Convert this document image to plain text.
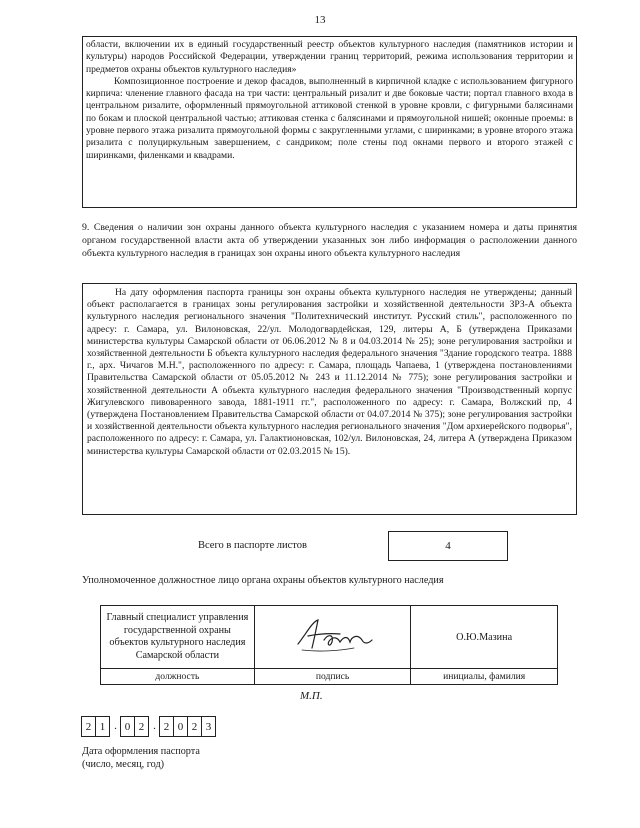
13

области, включении их в единый государственный реестр объектов культурного наследия (памятников истории и культуры) народов Российской Федерации, утверждении границ территорий, режима использования территории и предметов охраны объектов культурного наследия»

Композиционное построение и декор фасадов, выполненный в кирпичной кладке с использованием фигурного кирпича: членение главного фасада на три части: центральный ризалит и две боковые части; портал главного входа в центральном ризалите, оформленный прямоугольной аттиковой стенкой в уровне кровли, с фигурными балясинами по бокам и плоской центральной частью; аттиковая стенка с балясинами и прямоугольной нишей; оконные проемы: в уровне первого этажа ризалита прямоугольной формы с закругленными углами, с ширинками; в уровне второго этажа ризалита с полуциркульным завершением, с сандриком; поле стены под окнами первого и второго этажей с ширинками, филенками и квадрами.

9. Сведения о наличии зон охраны данного объекта культурного наследия с указанием номера и даты принятия органом государственной власти акта об утверждении указанных зон либо информация о расположении данного объекта культурного наследия в границах зон охраны иного объекта культурного наследия
На дату оформления паспорта границы зон охраны объекта культурного наследия не утверждены; данный объект располагается в границах зоны регулирования застройки и хозяйственной деятельности ЗРЗ-А объекта культурного наследия регионального значения "Политехнический институт. Русский стиль", расположенного по адресу: г. Самара, ул. Вилоновская, 22/ул. Молодогвардейская, 129, литеры А, Б (утверждена Приказами министерства культуры Самарской области от 06.06.2012 № 8 и 04.03.2014 № 25); зоне регулирования застройки и хозяйственной деятельности Б объекта культурного наследия федерального значения "Здание городского театра. 1888 г., арх. Чичагов М.Н.", расположенного по адресу: г. Самара, площадь Чапаева, 1 (утверждена постановлениями Правительства Самарской области от 05.05.2012 № 243 и 11.12.2014 № 775); зоне регулирования застройки и хозяйственной деятельности А объекта культурного наследия федерального значения "Производственный корпус Жигулевского пивоваренного завода, 1881-1911 гг.", расположенного по адресу: г. Самара, Волжский пр, 4 (утверждена Постановлением Правительства Самарской области от 04.07.2014 № 375); зоне регулирования застройки и хозяйственной деятельности объекта культурного наследия регионального значения "Дом архиерейского подворья", расположенного по адресу: г. Самара, ул. Галактионовская, 102/ул. Вилоновская, 24, литера А (утверждена Приказом министерства культуры Самарской области от 02.03.2015 № 15).
Всего в паспорте листов	4
Уполномоченное должностное лицо органа охраны объектов культурного наследия
Главный специалист управления государственной охраны объектов культурного наследия Самарской области		О.Ю.Мазина
должность	подпись	инициалы, фамилия
М.П.
2 1 . 0 2 . 2 0 2 3
Дата оформления паспорта
(число, месяц, год)
